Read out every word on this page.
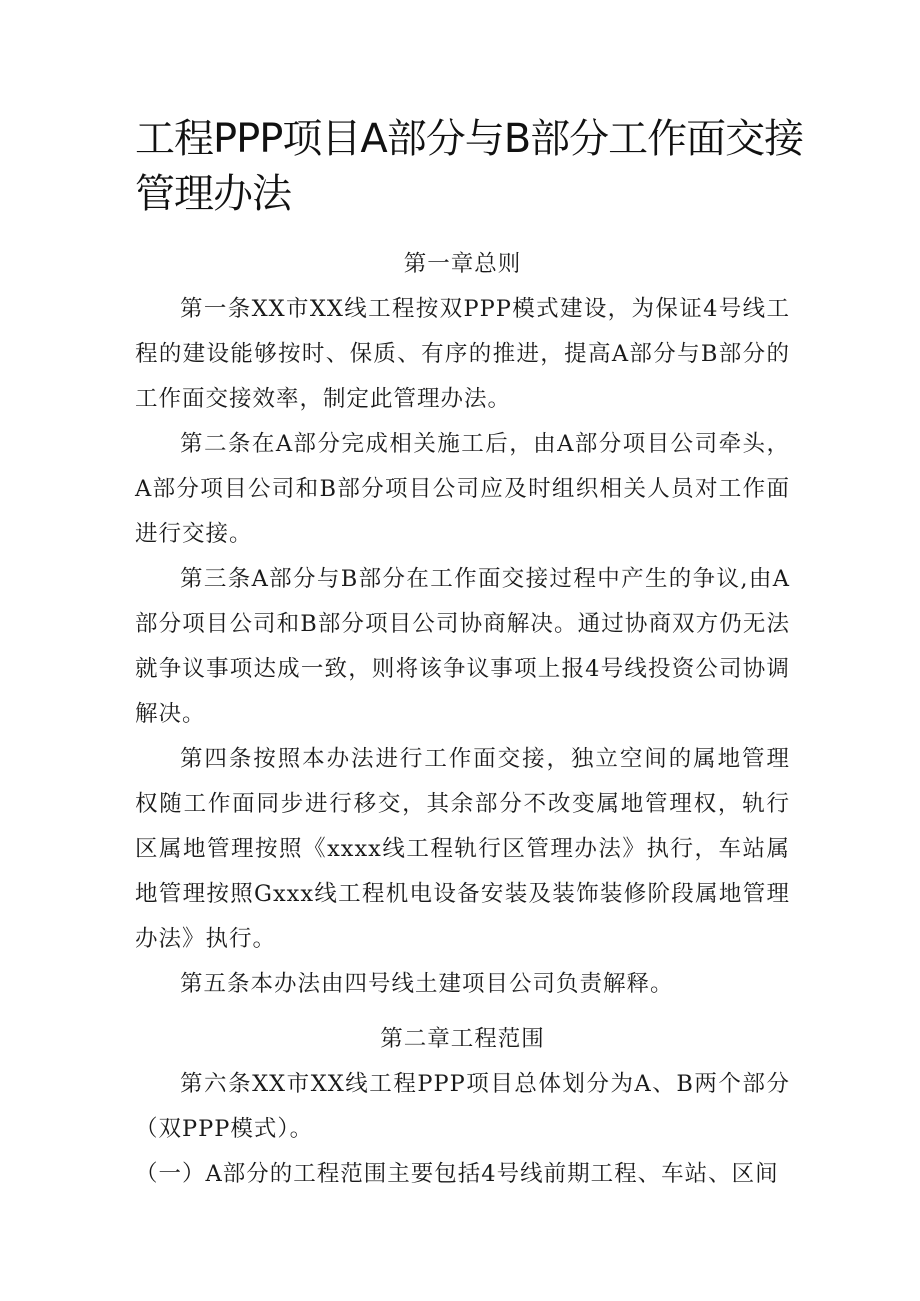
工程PPP项目A部分与B部分工作面交接管理办法

第一章总则

第一条XX市XX线工程按双PPP模式建设，为保证4号线工程的建设能够按时、保质、有序的推进，提高A部分与B部分的工作面交接效率，制定此管理办法。

第二条在A部分完成相关施工后，由A部分项目公司牵头，A部分项目公司和B部分项目公司应及时组织相关人员对工作面进行交接。

第三条A部分与B部分在工作面交接过程中产生的争议,由A部分项目公司和B部分项目公司协商解决。通过协商双方仍无法就争议事项达成一致，则将该争议事项上报4号线投资公司协调解决。

第四条按照本办法进行工作面交接，独立空间的属地管理权随工作面同步进行移交，其余部分不改变属地管理权，轨行区属地管理按照《xxxx线工程轨行区管理办法》执行，车站属地管理按照Gxxx线工程机电设备安装及装饰装修阶段属地管理办法》执行。

第五条本办法由四号线土建项目公司负责解释。

第二章工程范围

第六条XX市XX线工程PPP项目总体划分为A、B两个部分（双PPP模式）。

（一）A部分的工程范围主要包括4号线前期工程、车站、区间
